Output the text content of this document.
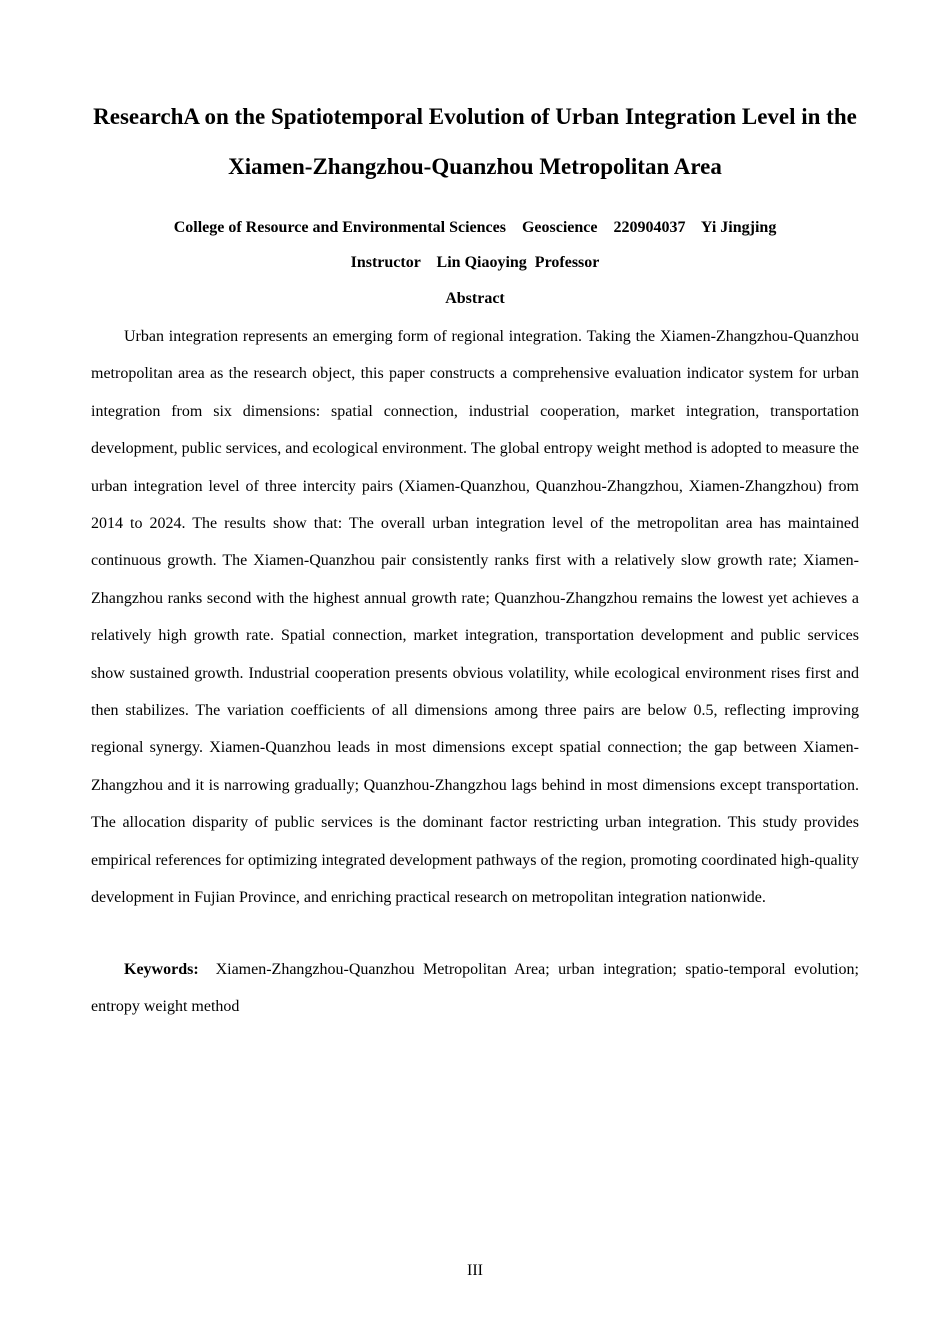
ResearchA on the Spatiotemporal Evolution of Urban Integration Level in the Xiamen-Zhangzhou-Quanzhou Metropolitan Area

College of Resource and Environmental Sciences    Geoscience    220904037    Yi Jingjing

Instructor    Lin Qiaoying  Professor

Abstract

Urban integration represents an emerging form of regional integration. Taking the Xiamen-Zhangzhou-Quanzhou metropolitan area as the research object, this paper constructs a comprehensive evaluation indicator system for urban integration from six dimensions: spatial connection, industrial cooperation, market integration, transportation development, public services, and ecological environment. The global entropy weight method is adopted to measure the urban integration level of three intercity pairs (Xiamen-Quanzhou, Quanzhou-Zhangzhou, Xiamen-Zhangzhou) from 2014 to 2024. The results show that: The overall urban integration level of the metropolitan area has maintained continuous growth. The Xiamen-Quanzhou pair consistently ranks first with a relatively slow growth rate; Xiamen-Zhangzhou ranks second with the highest annual growth rate; Quanzhou-Zhangzhou remains the lowest yet achieves a relatively high growth rate. Spatial connection, market integration, transportation development and public services show sustained growth. Industrial cooperation presents obvious volatility, while ecological environment rises first and then stabilizes. The variation coefficients of all dimensions among three pairs are below 0.5, reflecting improving regional synergy. Xiamen-Quanzhou leads in most dimensions except spatial connection; the gap between Xiamen-Zhangzhou and it is narrowing gradually; Quanzhou-Zhangzhou lags behind in most dimensions except transportation. The allocation disparity of public services is the dominant factor restricting urban integration. This study provides empirical references for optimizing integrated development pathways of the region, promoting coordinated high-quality development in Fujian Province, and enriching practical research on metropolitan integration nationwide.

Keywords: Xiamen-Zhangzhou-Quanzhou Metropolitan Area; urban integration; spatio-temporal evolution; entropy weight method

III
